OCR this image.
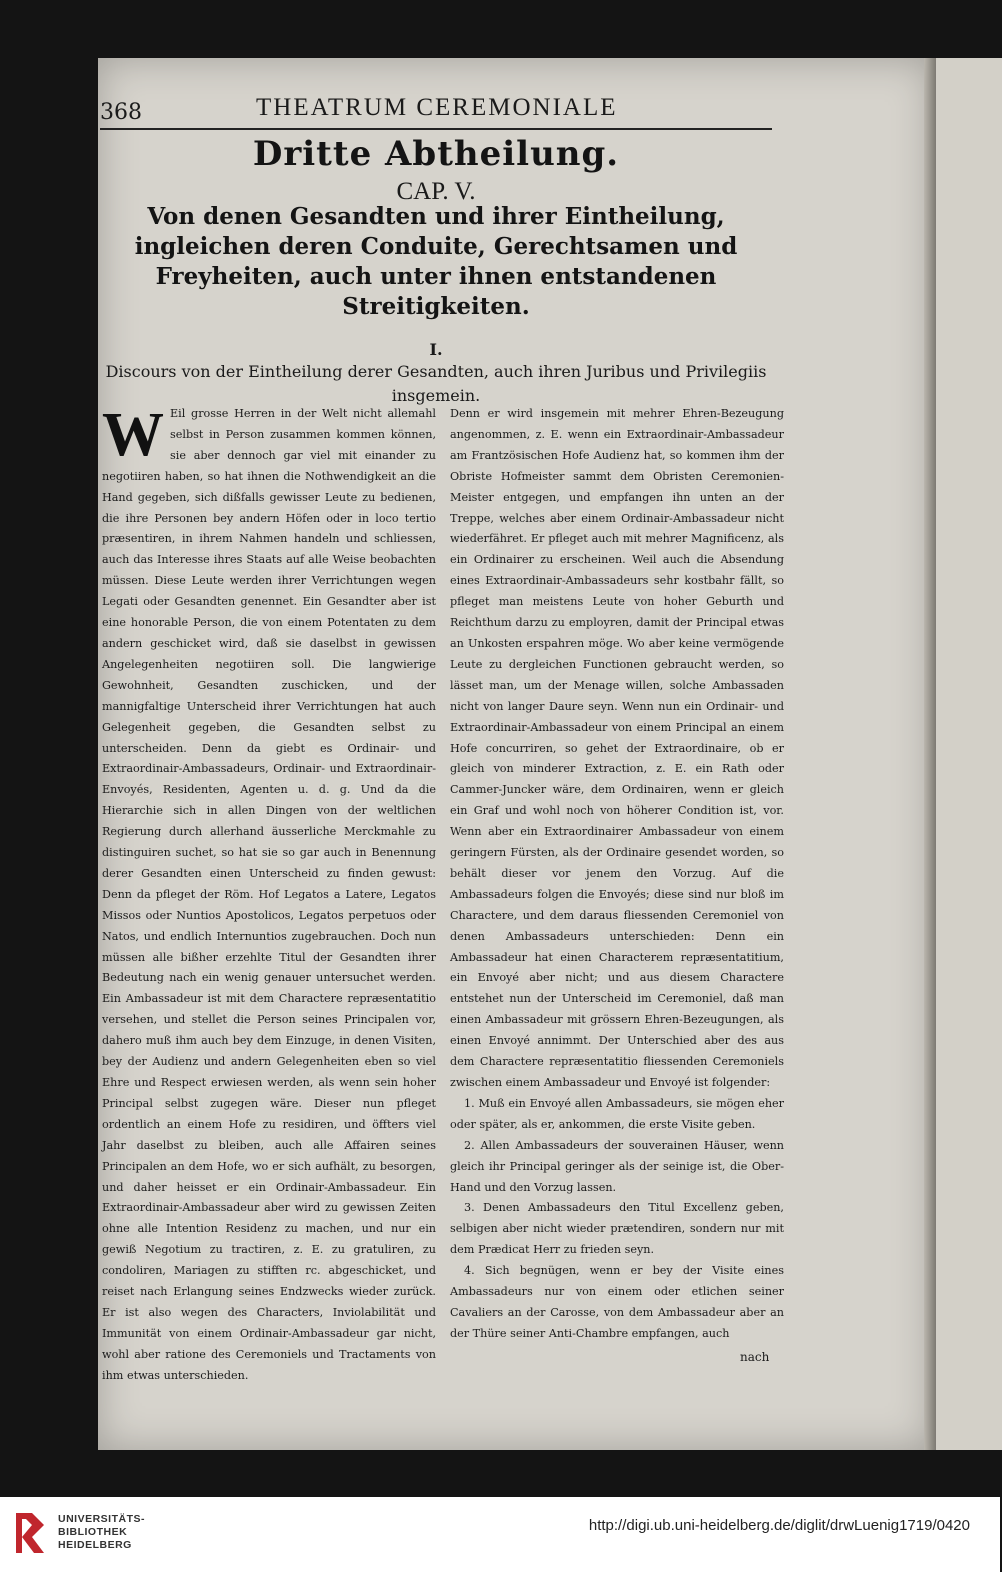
368	THEATRUM CEREMONIALE
Dritte Abtheilung.
CAP. V.
Von denen Gesandten und ihrer Eintheilung, ingleichen deren Conduite, Gerechtsamen und Freyheiten, auch unter ihnen entstandenen Streitigkeiten.
I.
Discours von der Eintheilung derer Gesandten, auch ihren Juribus und Privilegiis insgemein.
W Eil grosse Herren in der Welt nicht allemahl selbst in Person zusammen kommen können, sie aber dennoch gar viel mit einander zu negotiiren haben, so hat ihnen die Nothwendigkeit an die Hand gegeben, sich dißfalls gewisser Leute zu bedienen, die ihre Personen bey andern Höfen oder in loco tertio præsentiren, in ihrem Nahmen handeln und schliessen, auch das Interesse ihres Staats auf alle Weise beobachten müssen. Diese Leute werden ihrer Verrichtungen wegen Legati oder Gesandten genennet. Ein Gesandter aber ist eine honorable Person, die von einem Potentaten zu dem andern geschicket wird, daß sie daselbst in gewissen Angelegenheiten negotiiren soll. Die langwierige Gewohnheit, Gesandten zuschicken, und der mannigfaltige Unterscheid ihrer Verrichtungen hat auch Gelegenheit gegeben, die Gesandten selbst zu unterscheiden. Denn da giebt es Ordinair- und Extraordinair-Ambassadeurs, Ordinair- und Extraordinair-Envoyés, Residenten, Agenten u. d. g. Und da die Hierarchie sich in allen Dingen von der weltlichen Regierung durch allerhand äusserliche Merckmahle zu distinguiren suchet, so hat sie so gar auch in Benennung derer Gesandten einen Unterscheid zu finden gewust: Denn da pfleget der Röm. Hof Legatos a Latere, Legatos Missos oder Nuntios Apostolicos, Legatos perpetuos oder Natos, und endlich Internuntios zugebrauchen. Doch nun müssen alle bißher erzehlte Titul der Gesandten ihrer Bedeutung nach ein wenig genauer untersuchet werden. Ein Ambassadeur ist mit dem Charactere repræsentatitio versehen, und stellet die Person seines Principalen vor, dahero muß ihm auch bey dem Einzuge, in denen Visiten, bey der Audienz und andern Gelegenheiten eben so viel Ehre und Respect erwiesen werden, als wenn sein hoher Principal selbst zugegen wäre. Dieser nun pfleget ordentlich an einem Hofe zu residiren, und öffters viel Jahr daselbst zu bleiben, auch alle Affairen seines Principalen an dem Hofe, wo er sich aufhält, zu besorgen, und daher heisset er ein Ordinair-Ambassadeur. Ein Extraordinair-Ambassadeur aber wird zu gewissen Zeiten ohne alle Intention Residenz zu machen, und nur ein gewiß Negotium zu tractiren, z. E. zu gratuliren, zu condoliren, Mariagen zu stifften rc. abgeschicket, und reiset nach Erlangung seines Endzwecks wieder zurück. Er ist also wegen des Characters, Inviolabilität und Immunität von einem Ordinair-Ambassadeur gar nicht, wohl aber ratione des Ceremoniels und Tractaments von ihm etwas unterschieden.

Denn er wird insgemein mit mehrer Ehren-Bezeugung angenommen, z. E. wenn ein Extraordinair-Ambassadeur am Frantzösischen Hofe Audienz hat, so kommen ihm der Obriste Hofmeister sammt dem Obristen Ceremonien-Meister entgegen, und empfangen ihn unten an der Treppe, welches aber einem Ordinair-Ambassadeur nicht wiederfähret. Er pfleget auch mit mehrer Magnificenz, als ein Ordinairer zu erscheinen. Weil auch die Absendung eines Extraordinair-Ambassadeurs sehr kostbahr fällt, so pfleget man meistens Leute von hoher Geburth und Reichthum darzu zu employren, damit der Principal etwas an Unkosten erspahren möge. Wo aber keine vermögende Leute zu dergleichen Functionen gebraucht werden, so lässet man, um der Menage willen, solche Ambassaden nicht von langer Daure seyn. Wenn nun ein Ordinair- und Extraordinair-Ambassadeur von einem Principal an einem Hofe concurriren, so gehet der Extraordinaire, ob er gleich von minderer Extraction, z. E. ein Rath oder Cammer-Juncker wäre, dem Ordinairen, wenn er gleich ein Graf und wohl noch von höherer Condition ist, vor. Wenn aber ein Extraordinairer Ambassadeur von einem geringern Fürsten, als der Ordinaire gesendet worden, so behält dieser vor jenem den Vorzug. Auf die Ambassadeurs folgen die Envoyés; diese sind nur bloß im Charactere, und dem daraus fliessenden Ceremoniel von denen Ambassadeurs unterschieden: Denn ein Ambassadeur hat einen Characterem repræsentatitium, ein Envoyé aber nicht; und aus diesem Charactere entstehet nun der Unterscheid im Ceremoniel, daß man einen Ambassadeur mit grössern Ehren-Bezeugungen, als einen Envoyé annimmt. Der Unterschied aber des aus dem Charactere repræsentatitio fliessenden Ceremoniels zwischen einem Ambassadeur und Envoyé ist folgender:

1. Muß ein Envoyé allen Ambassadeurs, sie mögen eher oder später, als er, ankommen, die erste Visite geben.

2. Allen Ambassadeurs der souverainen Häuser, wenn gleich ihr Principal geringer als der seinige ist, die Ober-Hand und den Vorzug lassen.

3. Denen Ambassadeurs den Titul Excellenz geben, selbigen aber nicht wieder prætendiren, sondern nur mit dem Prædicat Herr zu frieden seyn.

4. Sich begnügen, wenn er bey der Visite eines Ambassadeurs nur von einem oder etlichen seiner Cavaliers an der Carosse, von dem Ambassadeur aber an der Thüre seiner Anti-Chambre empfangen, auch

nach
UNIVERSITÄTS- BIBLIOTHEK HEIDELBERG
http://digi.ub.uni-heidelberg.de/diglit/drwLuenig1719/0420
